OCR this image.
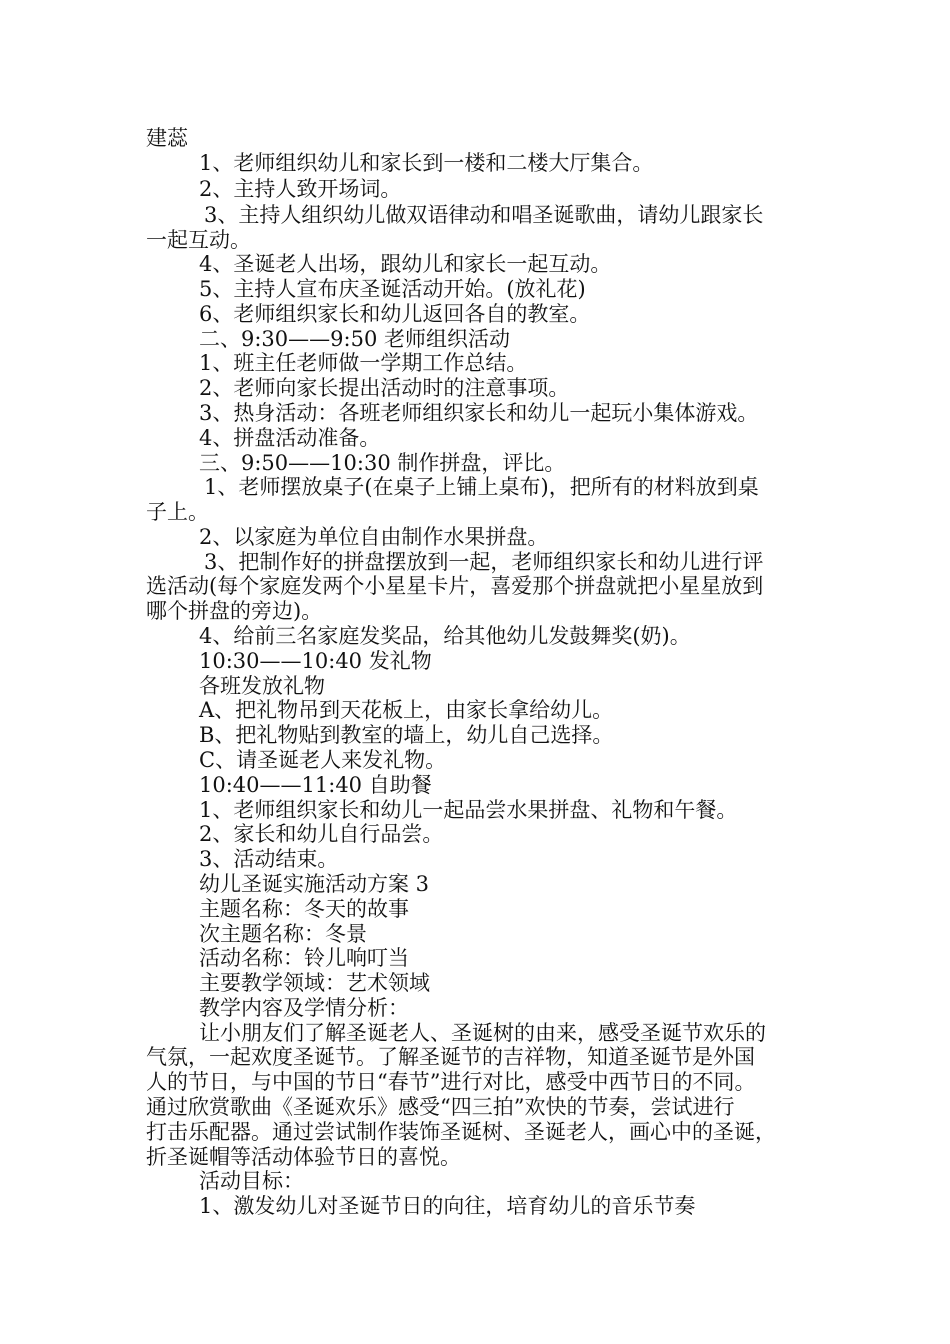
建蕊
1、老师组织幼儿和家长到一楼和二楼大厅集合。
2、主持人致开场词。
3、主持人组织幼儿做双语律动和唱圣诞歌曲，请幼儿跟家长
一起互动。
4、圣诞老人出场，跟幼儿和家长一起互动。
5、主持人宣布庆圣诞活动开始。(放礼花)
6、老师组织家长和幼儿返回各自的教室。
二、9:30——9:50 老师组织活动
1、班主任老师做一学期工作总结。
2、老师向家长提出活动时的注意事项。
3、热身活动：各班老师组织家长和幼儿一起玩小集体游戏。
4、拼盘活动准备。
三、9:50——10:30 制作拼盘，评比。
1、老师摆放桌子(在桌子上铺上桌布)，把所有的材料放到桌
子上。
2、以家庭为单位自由制作水果拼盘。
3、把制作好的拼盘摆放到一起，老师组织家长和幼儿进行评
选活动(每个家庭发两个小星星卡片，喜爱那个拼盘就把小星星放到
哪个拼盘的旁边)。
4、给前三名家庭发奖品，给其他幼儿发鼓舞奖(奶)。
10:30——10:40 发礼物
各班发放礼物
A、把礼物吊到天花板上，由家长拿给幼儿。
B、把礼物贴到教室的墙上，幼儿自己选择。
C、请圣诞老人来发礼物。
10:40——11:40 自助餐
1、老师组织家长和幼儿一起品尝水果拼盘、礼物和午餐。
2、家长和幼儿自行品尝。
3、活动结束。
幼儿圣诞实施活动方案 3
主题名称：冬天的故事
次主题名称：冬景
活动名称：铃儿响叮当
主要教学领域：艺术领域
教学内容及学情分析：
让小朋友们了解圣诞老人、圣诞树的由来，感受圣诞节欢乐的
气氛，一起欢度圣诞节。了解圣诞节的吉祥物，知道圣诞节是外国
人的节日，与中国的节日“春节”进行对比，感受中西节日的不同。
通过欣赏歌曲《圣诞欢乐》感受“四三拍”欢快的节奏，尝试进行
打击乐配器。通过尝试制作装饰圣诞树、圣诞老人，画心中的圣诞，
折圣诞帽等活动体验节日的喜悦。
活动目标：
1、激发幼儿对圣诞节日的向往，培育幼儿的音乐节奏
